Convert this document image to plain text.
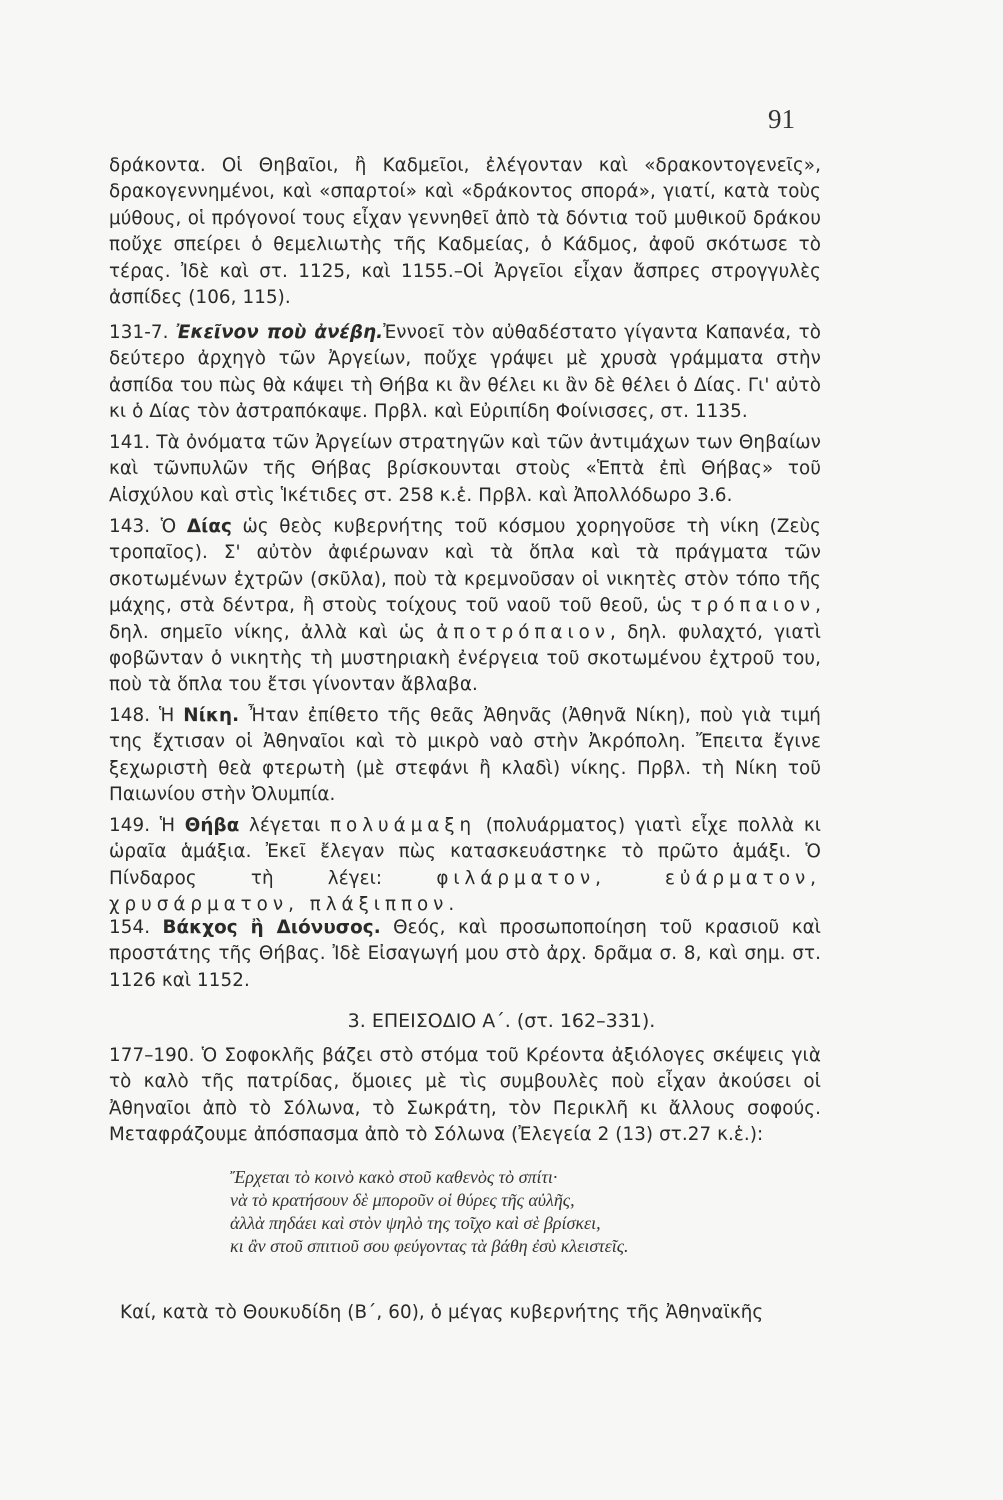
91
δράκοντα. Οἱ Θηβαῖοι, ἢ Καδμεῖοι, ἐλέγονταν καὶ «δρακοντογενεῖς», δρακογεννημένοι, καὶ «σπαρτοί» καὶ «δράκοντος σπορά», γιατί, κατὰ τοὺς μύθους, οἱ πρόγονοί τους εἶχαν γεννηθεῖ ἀπὸ τὰ δόντια τοῦ μυθικοῦ δράκου ποὔχε σπείρει ὁ θεμελιωτὴς τῆς Καδμείας, ὁ Κάδμος, ἀφοῦ σκότωσε τὸ τέρας. Ἰδὲ καὶ στ. 1125, καὶ 1155.–Οἱ Ἀργεῖοι εἶχαν ἄσπρες στρογγυλὲς ἀσπίδες (106, 115).
131-7. Ἐκεῖνον ποὺ ἀνέβη.Ἐννοεῖ τὸν αὐθαδέστατο γίγαντα Καπανέα, τὸ δεύτερο ἀρχηγὸ τῶν Ἀργείων, ποὔχε γράψει μὲ χρυσὰ γράμματα στὴν ἀσπίδα του πὼς θὰ κάψει τὴ Θήβα κι ἂν θέλει κι ἂν δὲ θέλει ὁ Δίας. Γι' αὐτὸ κι ὁ Δίας τὸν ἀστραπόκαψε. Πρβλ. καὶ Εὐριπίδη Φοίνισσες, στ. 1135.
141. Τὰ ὀνόματα τῶν Ἀργείων στρατηγῶν καὶ τῶν ἀντιμάχων των Θηβαίων καὶ τῶνπυλῶν τῆς Θήβας βρίσκουνται στοὺς «Ἑπτὰ ἐπὶ Θήβας» τοῦ Αἰσχύλου καὶ στὶς Ἱκέτιδες στ. 258 κ.ἑ. Πρβλ. καὶ Ἀπολλόδωρο 3.6.
143. Ὁ Δίας ὡς θεὸς κυβερνήτης τοῦ κόσμου χορηγοῦσε τὴ νίκη (Ζεὺς τροπαῖος). Σ' αὐτὸν ἀφιέρωναν καὶ τὰ ὅπλα καὶ τὰ πράγματα τῶν σκοτωμένων ἐχτρῶν (σκῦλα), ποὺ τὰ κρεμνοῦσαν οἱ νικητὲς στὸν τόπο τῆς μάχης, στὰ δέντρα, ἢ στοὺς τοίχους τοῦ ναοῦ τοῦ θεοῦ, ὡς τρόπαιον, δηλ. σημεῖο νίκης, ἀλλὰ καὶ ὡς ἀποτρόπαιον, δηλ. φυλαχτό, γιατὶ φοβῶνταν ὁ νικητὴς τὴ μυστηριακὴ ἐνέργεια τοῦ σκοτωμένου ἐχτροῦ του, ποὺ τὰ ὅπλα του ἔτσι γίνονταν ἄβλαβα.
148. Ἡ Νίκη. Ἦταν ἐπίθετο τῆς θεᾶς Ἀθηνᾶς (Ἀθηνᾶ Νίκη), ποὺ γιὰ τιμή της ἔχτισαν οἱ Ἀθηναῖοι καὶ τὸ μικρὸ ναὸ στὴν Ἀκρόπολη. Ἔπειτα ἔγινε ξεχωριστὴ θεὰ φτερωτὴ (μὲ στεφάνι ἢ κλαδὶ) νίκης. Πρβλ. τὴ Νίκη τοῦ Παιωνίου στὴν Ὀλυμπία.
149. Ἡ Θήβα λέγεται πολυάμαξη (πολυάρματος) γιατὶ εἶχε πολλὰ κι ὡραῖα ἁμάξια. Ἐκεῖ ἔλεγαν πὼς κατασκευάστηκε τὸ πρῶτο ἁμάξι. Ὁ Πίνδαρος τὴ λέγει: φιλάρματον, εὐάρματον, χρυσάρματον, πλάξιππον.
154. Βάκχος ἢ Διόνυσος. Θεός, καὶ προσωποποίηση τοῦ κρασιοῦ καὶ προστάτης τῆς Θήβας. Ἰδὲ Εἰσαγωγή μου στὸ ἀρχ. δρᾶμα σ. 8, καὶ σημ. στ. 1126 καὶ 1152.
3. ΕΠΕΙΣΟΔΙΟ Α΄. (στ. 162–331).
177–190. Ὁ Σοφοκλῆς βάζει στὸ στόμα τοῦ Κρέοντα ἀξιόλογες σκέψεις γιὰ τὸ καλὸ τῆς πατρίδας, ὅμοιες μὲ τὶς συμβουλὲς ποὺ εἶχαν ἀκούσει οἱ Ἀθηναῖοι ἀπὸ τὸ Σόλωνα, τὸ Σωκράτη, τὸν Περικλῆ κι ἄλλους σοφούς. Μεταφράζουμε ἀπόσπασμα ἀπὸ τὸ Σόλωνα (Ἐλεγεία 2 (13) στ.27 κ.ἑ.):
Ἔρχεται τὸ κοινὸ κακὸ στοῦ καθενὸς τὸ σπίτι·
νὰ τὸ κρατήσουν δὲ μποροῦν οἱ θύρες τῆς αὐλῆς,
ἀλλὰ πηδάει καὶ στὸν ψηλὸ της τοῖχο καὶ σὲ βρίσκει,
κι ἂν στοῦ σπιτιοῦ σου φεύγοντας τὰ βάθη ἐσὺ κλειστεῖς.
Καί, κατὰ τὸ Θουκυδίδη (Β΄, 60), ὁ μέγας κυβερνήτης τῆς Ἀθηναϊκῆς
